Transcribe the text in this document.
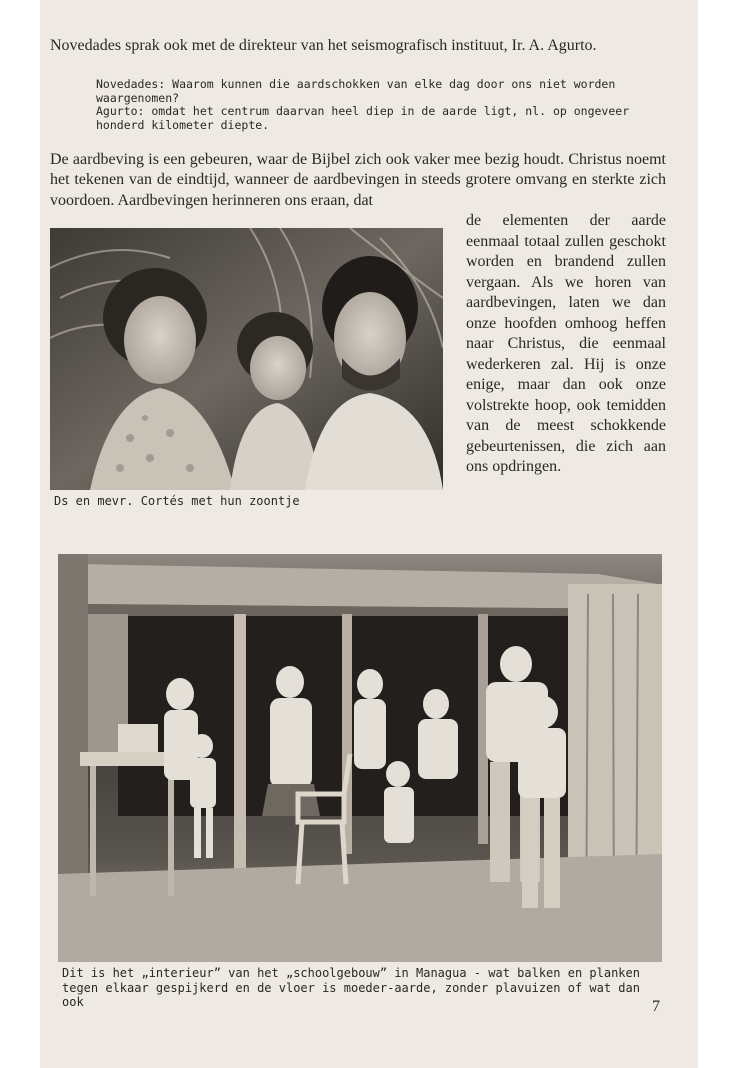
Novedades sprak ook met de direkteur van het seismografisch instituut, Ir. A. Agurto.

Novedades: Waarom kunnen die aardschokken van elke dag door ons niet worden waargenomen?

Agurto: omdat het centrum daarvan heel diep in de aarde ligt, nl. op ongeveer honderd kilometer diepte.

De aardbeving is een gebeuren, waar de Bijbel zich ook vaker mee bezig houdt. Christus noemt het tekenen van de eindtijd, wanneer de aardbevingen in steeds grotere omvang en sterkte zich voordoen. Aardbevingen herinneren ons eraan, dat

de elementen der aarde eenmaal totaal zullen geschokt worden en brandend zullen vergaan. Als we horen van aardbevingen, laten we dan onze hoofden omhoog heffen naar Christus, die eenmaal wederkeren zal. Hij is onze enige, maar dan ook onze volstrekte hoop, ook temidden van de meest schokkende gebeurtenissen, die zich aan ons opdringen.

Ds en mevr. Cortés met hun zoontje

Dit is het „interieur” van het „schoolgebouw” in Managua - wat balken en planken tegen elkaar gespijkerd en de vloer is moeder-aarde, zonder plavuizen of wat dan ook	7
